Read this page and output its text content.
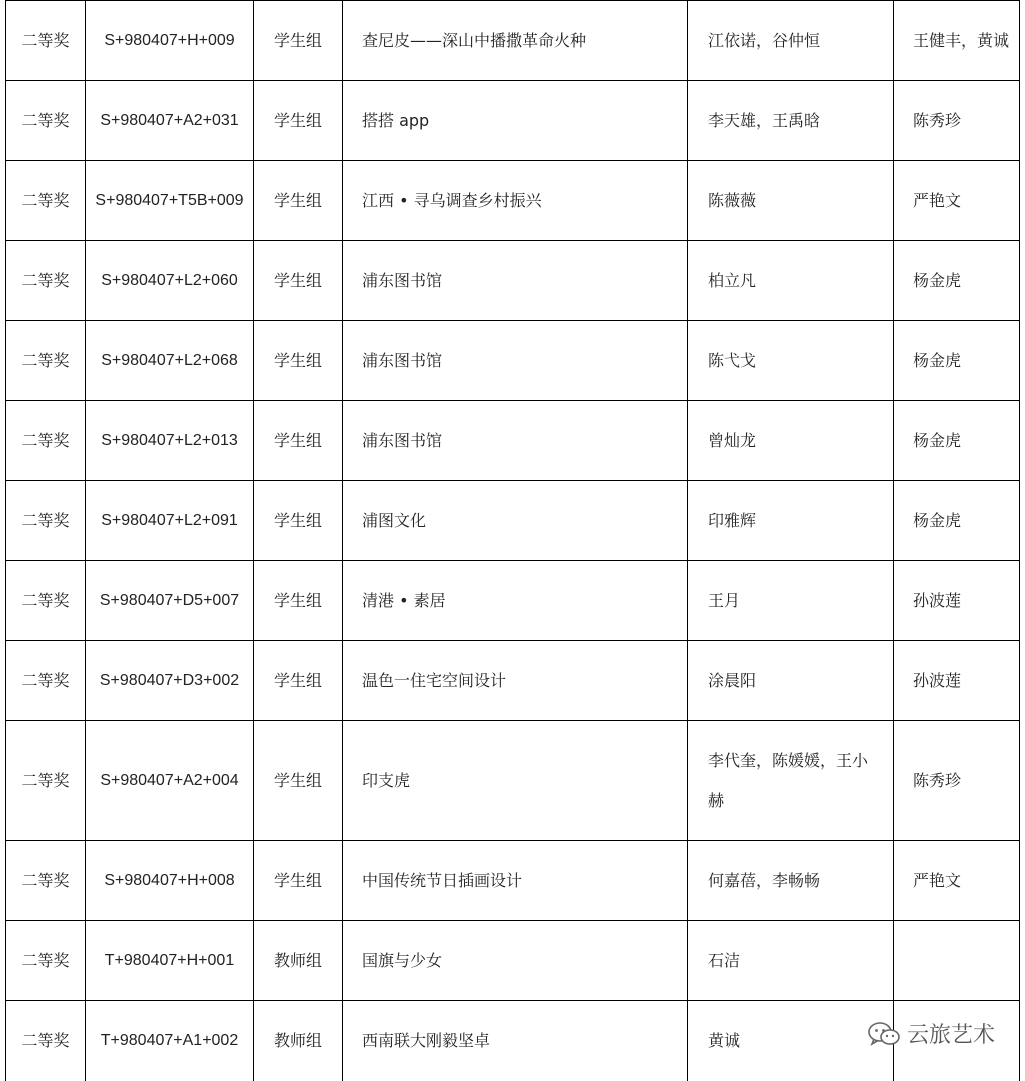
二等奖	S+980407+H+009	学生组	查尼皮——深山中播撒革命火种	江依诺，谷仲恒	王健丰，黄诚
二等奖	S+980407+A2+031	学生组	搭搭 app	李天雄，王禹晗	陈秀珍
二等奖	S+980407+T5B+009	学生组	江西 • 寻乌调查乡村振兴	陈薇薇	严艳文
二等奖	S+980407+L2+060	学生组	浦东图书馆	柏立凡	杨金虎
二等奖	S+980407+L2+068	学生组	浦东图书馆	陈弋戈	杨金虎
二等奖	S+980407+L2+013	学生组	浦东图书馆	曾灿龙	杨金虎
二等奖	S+980407+L2+091	学生组	浦图文化	印雅辉	杨金虎
二等奖	S+980407+D5+007	学生组	清港 • 素居	王月	孙波莲
二等奖	S+980407+D3+002	学生组	温色一住宅空间设计	涂晨阳	孙波莲
二等奖	S+980407+A2+004	学生组	印支虎	李代奎，陈媛媛，王小赫	陈秀珍
二等奖	S+980407+H+008	学生组	中国传统节日插画设计	何嘉蓓，李畅畅	严艳文
二等奖	T+980407+H+001	教师组	国旗与少女	石洁	
二等奖	T+980407+A1+002	教师组	西南联大刚毅坚卓	黄诚		云旅艺术
